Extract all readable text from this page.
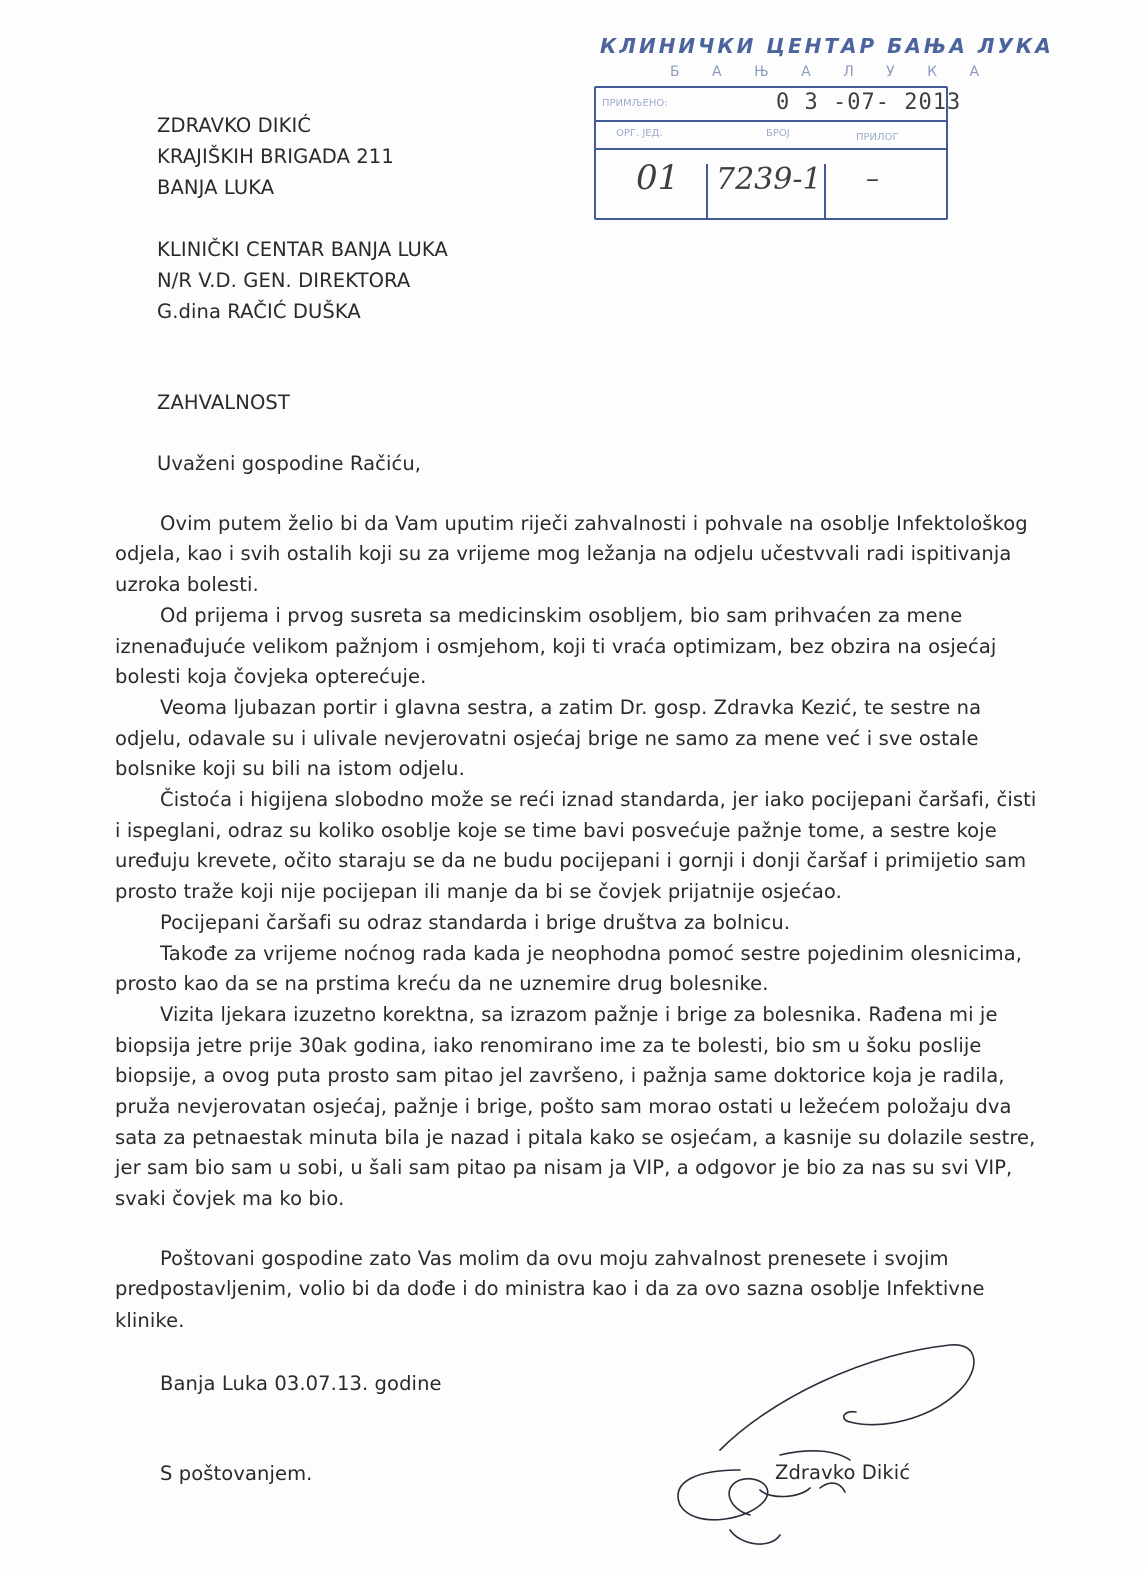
ZDRAVKO DIKIĆ
KRAJIŠKIH BRIGADA 211
BANJA LUKA
КЛИНИЧКИ ЦЕНТАР БАЊА ЛУКА
Б А Њ А Л У К А
ПРИМЉЕНО:	0 3 -07- 2013
ОРГ. ЈЕД.	БРОЈ	ПРИЛОГ
01 7239-1 –
KLINIČKI CENTAR BANJA LUKA
N/R V.D. GEN. DIREKTORA
G.dina RAČIĆ DUŠKA
ZAHVALNOST
Uvaženi gospodine Račiću,
Ovim putem želio bi da Vam uputim riječi zahvalnosti i pohvale na osoblje Infektološkog
odjela, kao i svih ostalih koji su za vrijeme mog ležanja na odjelu učestvvali radi ispitivanja
uzroka bolesti.
Od prijema i prvog susreta sa medicinskim osobljem, bio sam prihvaćen za mene
iznenađujuće velikom pažnjom i osmjehom, koji ti vraća optimizam, bez obzira na osjećaj
bolesti koja čovjeka opterećuje.
Veoma ljubazan portir i glavna sestra, a zatim Dr. gosp. Zdravka Kezić, te sestre na
odjelu, odavale su i ulivale nevjerovatni osjećaj brige ne samo za mene već i sve ostale
bolsnike koji su bili na istom odjelu.
Čistoća i higijena slobodno može se reći iznad standarda, jer iako pocijepani čaršafi, čisti
i ispeglani, odraz su koliko osoblje koje se time bavi posvećuje pažnje tome, a sestre koje
uređuju krevete, očito staraju se da ne budu pocijepani i gornji i donji čaršaf i primijetio sam
prosto traže koji nije pocijepan ili manje da bi se čovjek prijatnije osjećao.
Pocijepani čaršafi su odraz standarda i brige društva za bolnicu.
Takođe za vrijeme noćnog rada kada je neophodna pomoć sestre pojedinim olesnicima,
prosto kao da se na prstima kreću da ne uznemire drug bolesnike.
Vizita ljekara izuzetno korektna, sa izrazom pažnje i brige za bolesnika. Rađena mi je
biopsija jetre prije 30ak godina, iako renomirano ime za te bolesti, bio sm u šoku poslije
biopsije, a ovog puta prosto sam pitao jel završeno, i pažnja same doktorice koja je radila,
pruža nevjerovatan osjećaj, pažnje i brige, pošto sam morao ostati u ležećem položaju dva
sata za petnaestak minuta bila je nazad i pitala kako se osjećam, a kasnije su dolazile sestre,
jer sam bio sam u sobi, u šali sam pitao pa nisam ja VIP, a odgovor je bio za nas su svi VIP,
svaki čovjek ma ko bio.
Poštovani gospodine zato Vas molim da ovu moju zahvalnost prenesete i svojim
predpostavljenim, volio bi da dođe i do ministra kao i da za ovo sazna osoblje Infektivne
klinike.
Banja Luka 03.07.13. godine
S poštovanjem.	Zdravko Dikić
